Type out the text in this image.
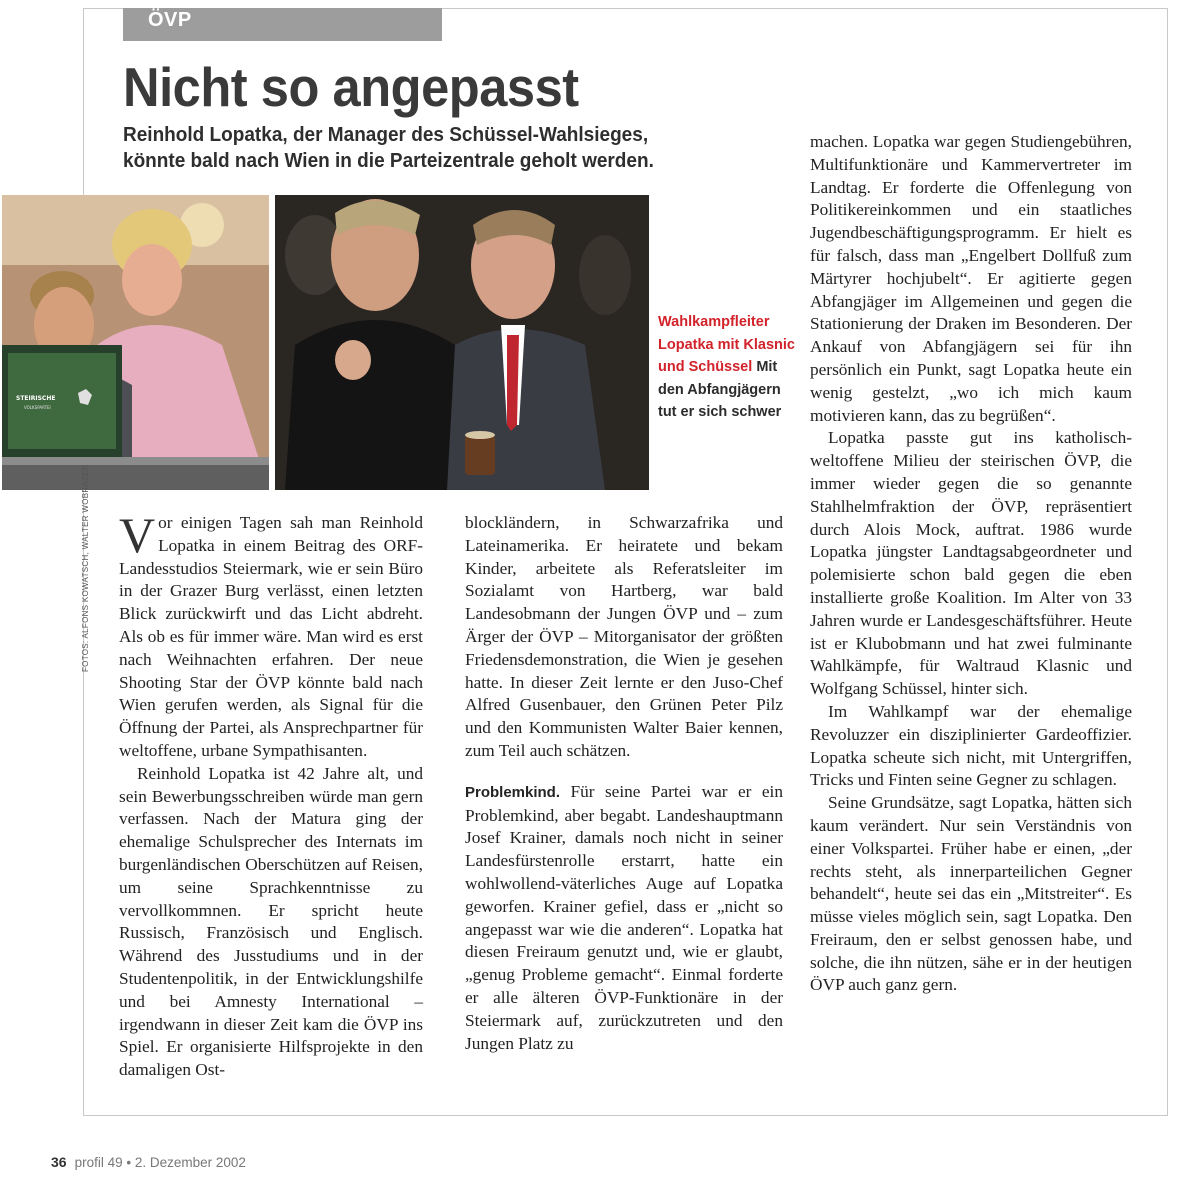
ÖVP
Nicht so angepasst

Reinhold Lopatka, der Manager des Schüssel-Wahlsieges, könnte bald nach Wien in die Parteizentrale geholt werden.

STEIRISCHE
VOLKSPARTEI

Wahlkampfleiter Lopatka mit Klasnic und Schüssel Mit den Abfangjägern tut er sich schwer

FOTOS: ALFONS KOWATSCH, WALTER WOBRAZEK Vor einigen Tagen sah man Reinhold Lopatka in einem Beitrag des ORF-Landesstudios Steiermark, wie er sein Büro in der Grazer Burg verlässt, einen letzten Blick zurückwirft und das Licht abdreht. Als ob es für immer wäre. Man wird es erst nach Weihnachten erfahren. Der neue Shooting Star der ÖVP könnte bald nach Wien gerufen werden, als Signal für die Öffnung der Partei, als Ansprechpartner für weltoffene, urbane Sympathisanten.

Reinhold Lopatka ist 42 Jahre alt, und sein Bewerbungsschreiben würde man gern verfassen. Nach der Matura ging der ehemalige Schulsprecher des Internats im burgenländischen Oberschützen auf Reisen, um seine Sprachkenntnisse zu vervollkommnen. Er spricht heute Russisch, Französisch und Englisch. Während des Jusstudiums und in der Studentenpolitik, in der Entwicklungshilfe und bei Amnesty International – irgendwann in dieser Zeit kam die ÖVP ins Spiel. Er organisierte Hilfsprojekte in den damaligen Ost-

blockländern, in Schwarzafrika und Lateinamerika. Er heiratete und bekam Kinder, arbeitete als Referatsleiter im Sozialamt von Hartberg, war bald Landesobmann der Jungen ÖVP und – zum Ärger der ÖVP – Mitorganisator der größten Friedensdemonstration, die Wien je gesehen hatte. In dieser Zeit lernte er den Juso-Chef Alfred Gusenbauer, den Grünen Peter Pilz und den Kommunisten Walter Baier kennen, zum Teil auch schätzen.

Problemkind. Für seine Partei war er ein Problemkind, aber begabt. Landeshauptmann Josef Krainer, damals noch nicht in seiner Landesfürstenrolle erstarrt, hatte ein wohlwollend-väterliches Auge auf Lopatka geworfen. Krainer gefiel, dass er „nicht so angepasst war wie die anderen“. Lopatka hat diesen Freiraum genutzt und, wie er glaubt, „genug Probleme gemacht“. Einmal forderte er alle älteren ÖVP-Funktionäre in der Steiermark auf, zurückzutreten und den Jungen Platz zu

machen. Lopatka war gegen Studiengebühren, Multifunktionäre und Kammervertreter im Landtag. Er forderte die Offenlegung von Politikereinkommen und ein staatliches Jugendbeschäftigungsprogramm. Er hielt es für falsch, dass man „Engelbert Dollfuß zum Märtyrer hochjubelt“. Er agitierte gegen Abfangjäger im Allgemeinen und gegen die Stationierung der Draken im Besonderen. Der Ankauf von Abfangjägern sei für ihn persönlich ein Punkt, sagt Lopatka heute ein wenig gestelzt, „wo ich mich kaum motivieren kann, das zu begrüßen“.

Lopatka passte gut ins katholisch-weltoffene Milieu der steirischen ÖVP, die immer wieder gegen die so genannte Stahlhelmfraktion der ÖVP, repräsentiert durch Alois Mock, auftrat. 1986 wurde Lopatka jüngster Landtagsabgeordneter und polemisierte schon bald gegen die eben installierte große Koalition. Im Alter von 33 Jahren wurde er Landesgeschäftsführer. Heute ist er Klubobmann und hat zwei fulminante Wahlkämpfe, für Waltraud Klasnic und Wolfgang Schüssel, hinter sich.

Im Wahlkampf war der ehemalige Revoluzzer ein disziplinierter Gardeoffizier. Lopatka scheute sich nicht, mit Untergriffen, Tricks und Finten seine Gegner zu schlagen.

Seine Grundsätze, sagt Lopatka, hätten sich kaum verändert. Nur sein Verständnis von einer Volkspartei. Früher habe er einen, „der rechts steht, als innerparteilichen Gegner behandelt“, heute sei das ein „Mitstreiter“. Es müsse vieles möglich sein, sagt Lopatka. Den Freiraum, den er selbst genossen habe, und solche, die ihn nützen, sähe er in der heutigen ÖVP auch ganz gern.

36 profil 49 • 2. Dezember 2002
